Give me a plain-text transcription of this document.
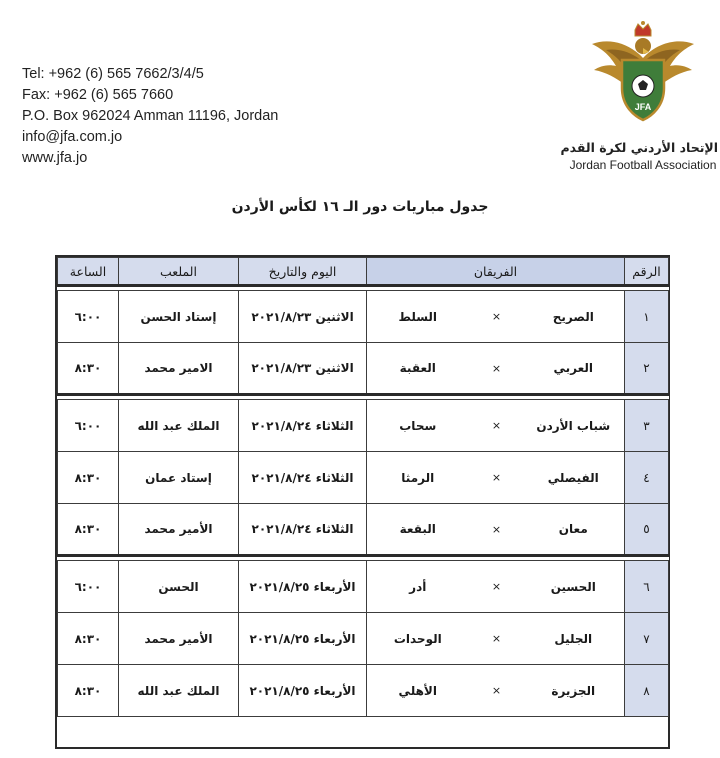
Tel: +962 (6) 565 7662/3/4/5
Fax: +962 (6) 565 7660
P.O. Box 962024 Amman 11196, Jordan
info@jfa.com.jo
www.jfa.jo
JFA
الإتحاد الأردني لكرة القدم
Jordan Football Association
جدول مباريات دور الـ ١٦ لكأس الأردن
الرقم	الفريقان			اليوم والتاريخ	الملعب	الساعة

١	الصريح	×	السلط	الاثنين ٢٠٢١/٨/٢٣	إستاد الحسن	٦:٠٠
٢	العربي	×	العقبة	الاثنين ٢٠٢١/٨/٢٣	الامير محمد	٨:٣٠

٣	شباب الأردن	×	سحاب	الثلاثاء ٢٠٢١/٨/٢٤	الملك عبد الله	٦:٠٠
٤	الفيصلي	×	الرمثا	الثلاثاء ٢٠٢١/٨/٢٤	إستاد عمان	٨:٣٠
٥	معان	×	البقعة	الثلاثاء ٢٠٢١/٨/٢٤	الأمير محمد	٨:٣٠

٦	الحسين	×	أدر	الأربعاء ٢٠٢١/٨/٢٥	الحسن	٦:٠٠
٧	الجليل	×	الوحدات	الأربعاء ٢٠٢١/٨/٢٥	الأمير محمد	٨:٣٠
٨	الجزيرة	×	الأهلي	الأربعاء ٢٠٢١/٨/٢٥	الملك عبد الله	٨:٣٠
